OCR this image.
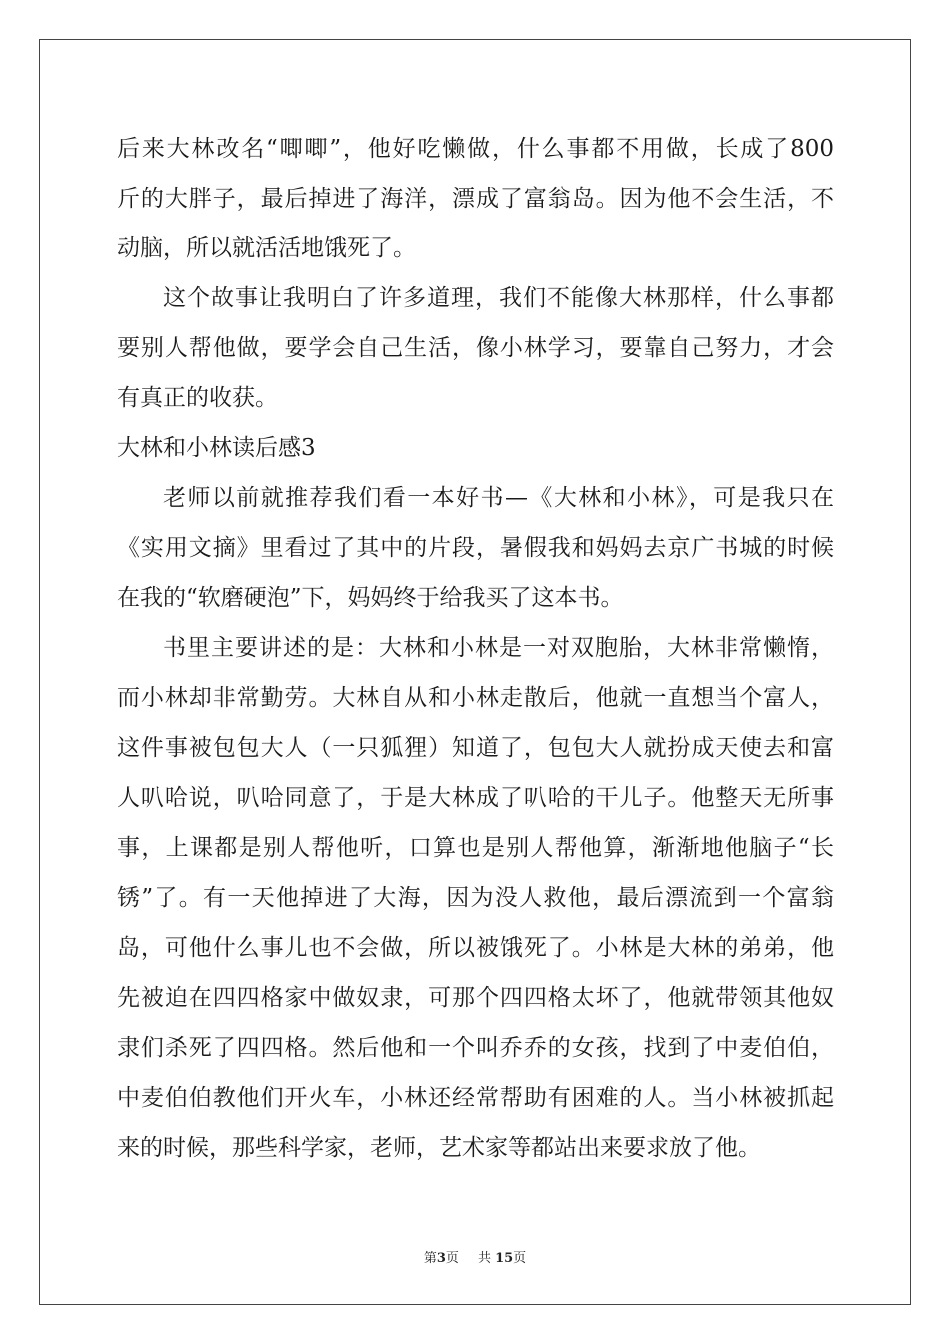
后来大林改名“唧唧”，他好吃懒做，什么事都不用做，长成了800
斤的大胖子，最后掉进了海洋，漂成了富翁岛。因为他不会生活，不
动脑，所以就活活地饿死了。
这个故事让我明白了许多道理，我们不能像大林那样，什么事都
要别人帮他做，要学会自己生活，像小林学习，要靠自己努力，才会
有真正的收获。
大林和小林读后感3
老师以前就推荐我们看一本好书—《大林和小林》，可是我只在
《实用文摘》里看过了其中的片段，暑假我和妈妈去京广书城的时候
在我的“软磨硬泡”下，妈妈终于给我买了这本书。
书里主要讲述的是：大林和小林是一对双胞胎，大林非常懒惰，
而小林却非常勤劳。大林自从和小林走散后，他就一直想当个富人，
这件事被包包大人（一只狐狸）知道了，包包大人就扮成天使去和富
人叭哈说，叭哈同意了，于是大林成了叭哈的干儿子。他整天无所事
事，上课都是别人帮他听，口算也是别人帮他算，渐渐地他脑子“长
锈”了。有一天他掉进了大海，因为没人救他，最后漂流到一个富翁
岛，可他什么事儿也不会做，所以被饿死了。小林是大林的弟弟，他
先被迫在四四格家中做奴隶，可那个四四格太坏了，他就带领其他奴
隶们杀死了四四格。然后他和一个叫乔乔的女孩，找到了中麦伯伯，
中麦伯伯教他们开火车，小林还经常帮助有困难的人。当小林被抓起
来的时候，那些科学家，老师，艺术家等都站出来要求放了他。
第3页 共 15页
